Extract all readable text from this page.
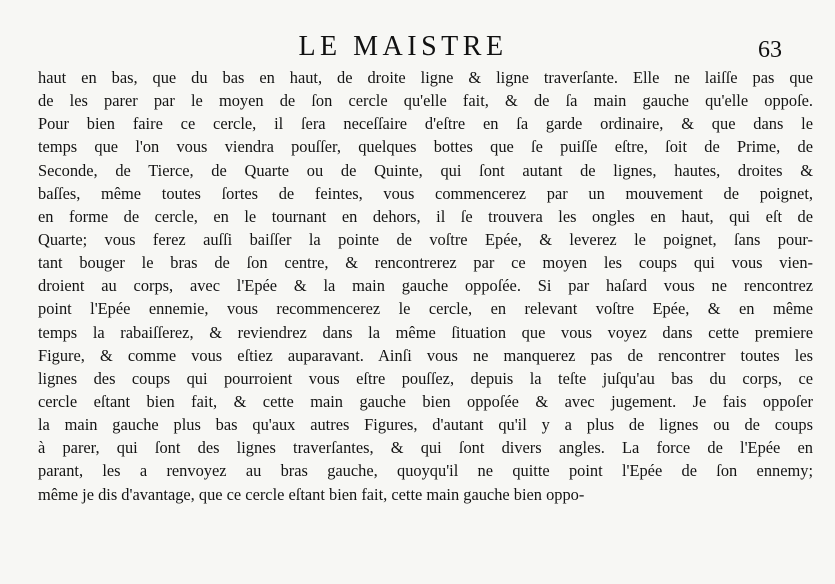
LE MAISTRE	63
haut en bas, que du bas en haut, de droite ligne & ligne traverſante. Elle ne laiſſe pas que
de les parer par le moyen de ſon cercle qu'elle fait, & de ſa main gauche qu'elle oppoſe.
Pour bien faire ce cercle, il ſera neceſſaire d'eſtre en ſa garde ordinaire, & que dans le
temps que l'on vous viendra pouſſer, quelques bottes que ſe puiſſe eſtre, ſoit de Prime, de
Seconde, de Tierce, de Quarte ou de Quinte, qui ſont autant de lignes, hautes, droites &
baſſes, même toutes ſortes de feintes, vous commencerez par un mouvement de poignet,
en forme de cercle, en le tournant en dehors, il ſe trouvera les ongles en haut, qui eſt de
Quarte; vous ferez auſſi baiſſer la pointe de voſtre Epée, & leverez le poignet, ſans pour-
tant bouger le bras de ſon centre, & rencontrerez par ce moyen les coups qui vous vien-
droient au corps, avec l'Epée & la main gauche oppoſée. Si par haſard vous ne rencontrez
point l'Epée ennemie, vous recommencerez le cercle, en relevant voſtre Epée, & en même
temps la rabaiſſerez, & reviendrez dans la même ſituation que vous voyez dans cette premiere
Figure, & comme vous eſtiez auparavant. Ainſi vous ne manquerez pas de rencontrer toutes les
lignes des coups qui pourroient vous eſtre pouſſez, depuis la teſte juſqu'au bas du corps, ce
cercle eſtant bien fait, & cette main gauche bien oppoſée & avec jugement. Je fais oppoſer
la main gauche plus bas qu'aux autres Figures, d'autant qu'il y a plus de lignes ou de coups
à parer, qui ſont des lignes traverſantes, & qui ſont divers angles. La force de l'Epée en
parant, les a renvoyez au bras gauche, quoyqu'il ne quitte point l'Epée de ſon ennemy;
même je dis d'avantage, que ce cercle eſtant bien fait, cette main gauche bien oppo-
